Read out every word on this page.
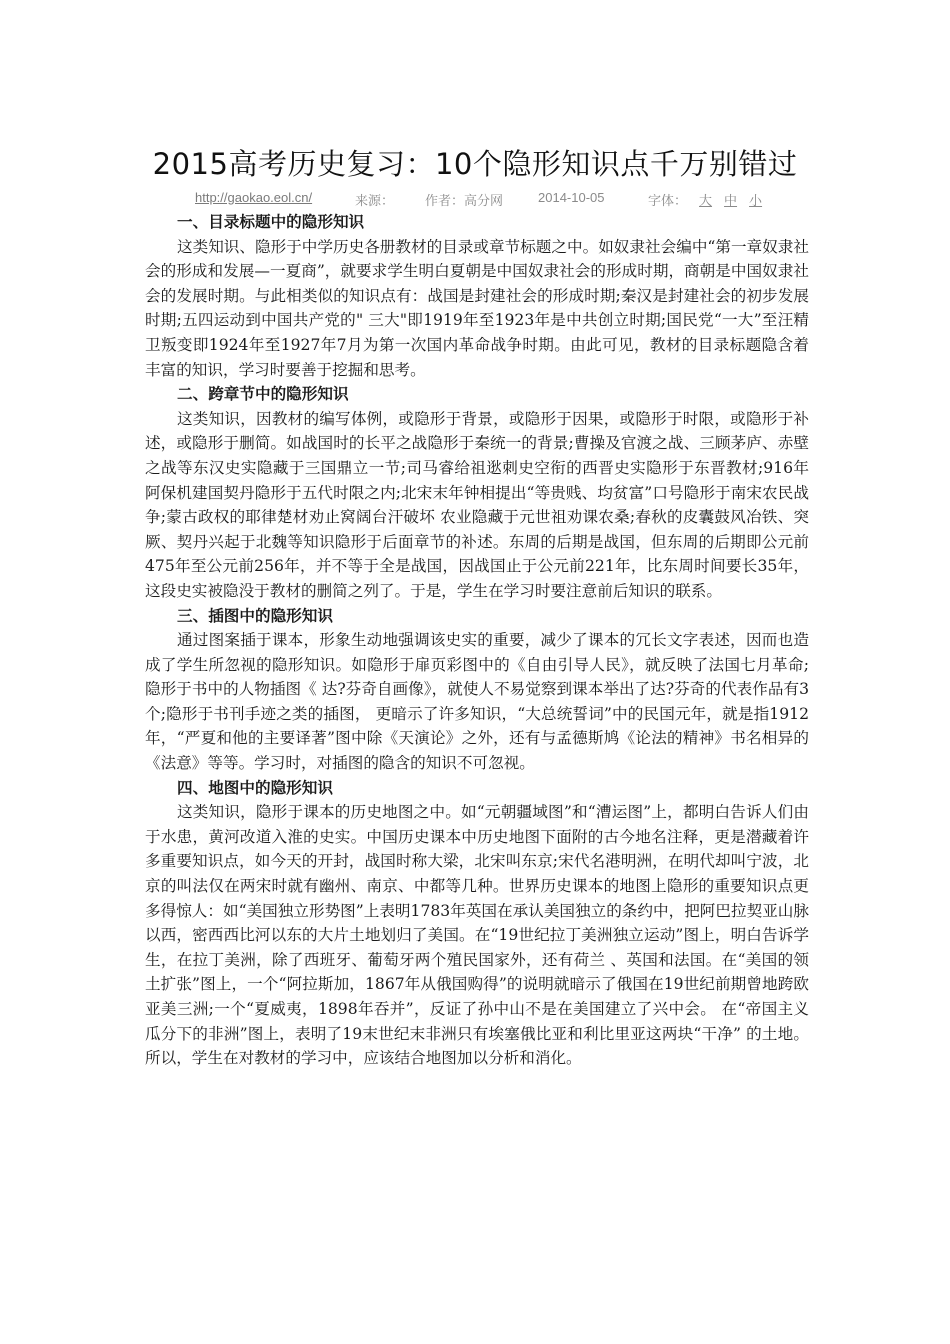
2015高考历史复习：10个隐形知识点千万别错过
http://gaokao.eol.cn/	来源： 作者：高分网	2014-10-05	字体： 大 中 小
一、目录标题中的隐形知识

这类知识、隐形于中学历史各册教材的目录或章节标题之中。如奴隶社会编中“第一章奴隶社会的形成和发展—一夏商”，就要求学生明白夏朝是中国奴隶社会的形成时期，商朝是中国奴隶社会的发展时期。与此相类似的知识点有：战国是封建社会的形成时期;秦汉是封建社会的初步发展时期;五四运动到中国共产党的" 三大"即1919年至1923年是中共创立时期;国民党“一大”至汪精卫叛变即1924年至1927年7月为第一次国内革命战争时期。由此可见，教材的目录标题隐含着丰富的知识，学习时要善于挖掘和思考。

二、跨章节中的隐形知识

这类知识，因教材的编写体例，或隐形于背景，或隐形于因果，或隐形于时限，或隐形于补述，或隐形于删简。如战国时的长平之战隐形于秦统一的背景;曹操及官渡之战、三顾茅庐、赤壁之战等东汉史实隐藏于三国鼎立一节;司马睿给祖逖刺史空衔的西晋史实隐形于东晋教材;916年阿保机建国契丹隐形于五代时限之内;北宋末年钟相提出“等贵贱、均贫富”口号隐形于南宋农民战争;蒙古政权的耶律楚材劝止窝阔台汗破坏 农业隐藏于元世祖劝课农桑;春秋的皮囊鼓风冶铁、突厥、契丹兴起于北魏等知识隐形于后面章节的补述。东周的后期是战国，但东周的后期即公元前475年至公元前256年，并不等于全是战国，因战国止于公元前221年，比东周时间要长35年，这段史实被隐没于教材的删简之列了。于是，学生在学习时要注意前后知识的联系。

三、插图中的隐形知识

通过图案插于课本，形象生动地强调该史实的重要，减少了课本的冗长文字表述，因而也造成了学生所忽视的隐形知识。如隐形于扉页彩图中的《自由引导人民》，就反映了法国七月革命;隐形于书中的人物插图《 达?芬奇自画像》，就使人不易觉察到课本举出了达?芬奇的代表作品有3个;隐形于书刊手迹之类的插图， 更暗示了许多知识，“大总统誓词”中的民国元年，就是指1912年，“严夏和他的主要译著”图中除《天演论》之外，还有与孟德斯鸠《论法的精神》书名相异的《法意》等等。学习时，对插图的隐含的知识不可忽视。

四、地图中的隐形知识

这类知识，隐形于课本的历史地图之中。如“元朝疆域图”和“漕运图”上，都明白告诉人们由于水患，黄河改道入淮的史实。中国历史课本中历史地图下面附的古今地名注释，更是潜藏着许多重要知识点，如今天的开封，战国时称大梁，北宋叫东京;宋代名港明洲，在明代却叫宁波，北京的叫法仅在两宋时就有幽州、南京、中都等几种。世界历史课本的地图上隐形的重要知识点更多得惊人：如“美国独立形势图”上表明1783年英国在承认美国独立的条约中，把阿巴拉契亚山脉以西，密西西比河以东的大片土地划归了美国。在“19世纪拉丁美洲独立运动”图上，明白告诉学生，在拉丁美洲，除了西班牙、葡萄牙两个殖民国家外，还有荷兰 、英国和法国。在“美国的领土扩张”图上，一个“阿拉斯加，1867年从俄国购得”的说明就暗示了俄国在19世纪前期曾地跨欧亚美三洲;一个“夏威夷，1898年吞并”，反证了孙中山不是在美国建立了兴中会。 在“帝国主义瓜分下的非洲”图上，表明了19末世纪末非洲只有埃塞俄比亚和利比里亚这两块“干净” 的土地。所以，学生在对教材的学习中，应该结合地图加以分析和消化。
